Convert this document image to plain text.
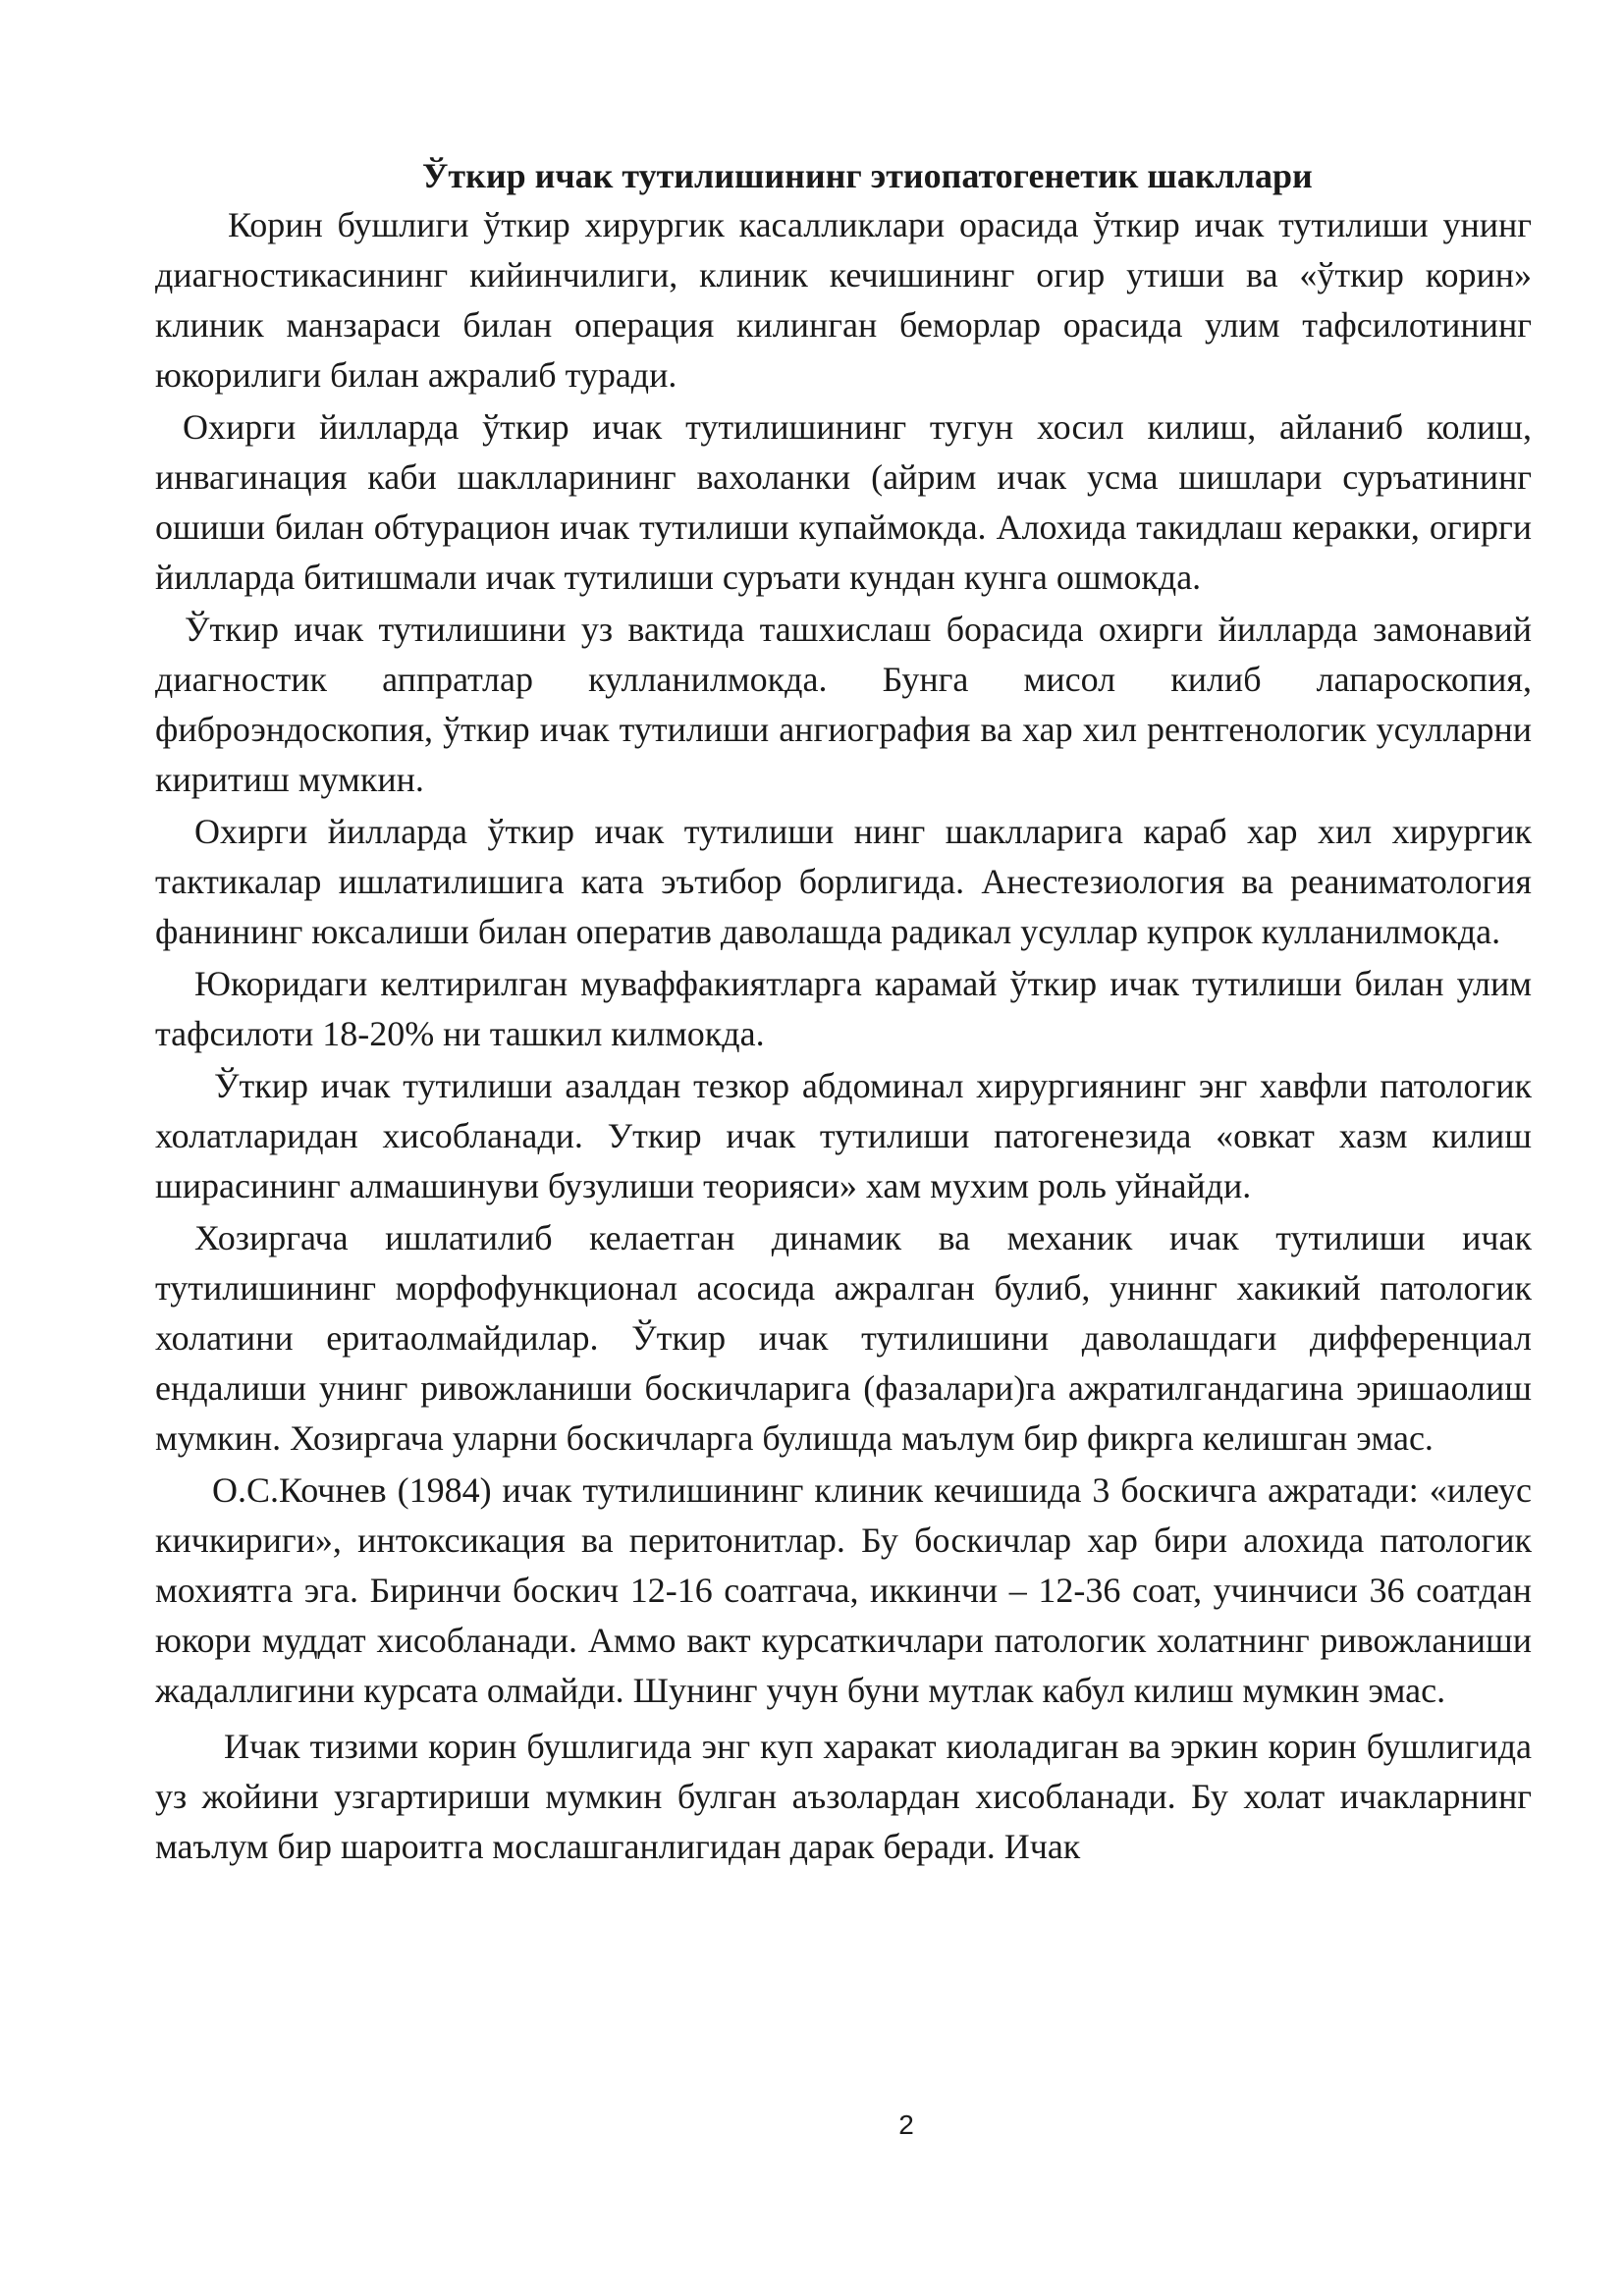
Ўткир ичак тутилишининг этиопатогенетик шакллари

Корин бушлиги ўткир хирургик касалликлари орасида ўткир ичак тутилиши унинг диагностикасининг кийинчилиги, клиник кечишининг огир утиши ва «ўткир корин» клиник манзараси билан операция килинган беморлар орасида улим тафсилотининг юкорилиги билан ажралиб туради.

Охирги йилларда ўткир ичак тутилишининг тугун хосил килиш, айланиб колиш, инвагинация каби шаклларининг вахоланки (айрим ичак усма шишлари суръатининг ошиши билан обтурацион ичак тутилиши купаймокда. Алохида такидлаш керакки, огирги йилларда битишмали ичак тутилиши суръати кундан кунга ошмокда.

Ўткир ичак тутилишини уз вактида ташхислаш борасида охирги йилларда замонавий диагностик аппратлар кулланилмокда. Бунга мисол килиб лапароскопия, фиброэндоскопия, ўткир ичак тутилиши ангиография ва хар хил рентгенологик усулларни киритиш мумкин.

Охирги йилларда ўткир ичак тутилиши нинг шаклларига караб хар хил хирургик тактикалар ишлатилишига ката эътибор борлигида. Анестезиология ва реаниматология фанининг юксалиши билан оператив даволашда радикал усуллар купрок кулланилмокда.

Юкоридаги келтирилган муваффакиятларга карамай ўткир ичак тутилиши билан улим тафсилоти 18-20% ни ташкил килмокда.

Ўткир ичак тутилиши азалдан тезкор абдоминал хирургиянинг энг хавфли патологик холатларидан хисобланади. Уткир ичак тутилиши патогенезида «овкат хазм килиш ширасининг алмашинуви бузулиши теорияси» хам мухим роль уйнайди.

Хозиргача ишлатилиб келаетган динамик ва механик ичак тутилиши ичак тутилишининг морфофункционал асосида ажралган булиб, униннг хакикий патологик холатини еритаолмайдилар. Ўткир ичак тутилишини даволашдаги дифференциал ендалиши унинг ривожланиши боскичларига (фазалари)га ажратилгандагина эришаолиш мумкин. Хозиргача уларни боскичларга булишда маълум бир фикрга келишган эмас.

О.С.Кочнев (1984) ичак тутилишининг клиник кечишида 3 боскичга ажратади: «илеус кичкириги», интоксикация ва перитонитлар. Бу боскичлар хар бири алохида патологик мохиятга эга. Биринчи боскич 12-16 соатгача, иккинчи – 12-36 соат, учинчиси 36 соатдан юкори муддат хисобланади. Аммо вакт курсаткичлари патологик холатнинг ривожланиши жадаллигини курсата олмайди. Шунинг учун буни мутлак кабул килиш мумкин эмас.

Ичак тизими корин бушлигида энг куп харакат киоладиган ва эркин корин бушлигида уз жойини узгартириши мумкин булган аъзолардан хисобланади. Бу холат ичакларнинг маълум бир шароитга мослашганлигидан дарак беради. Ичак

2
